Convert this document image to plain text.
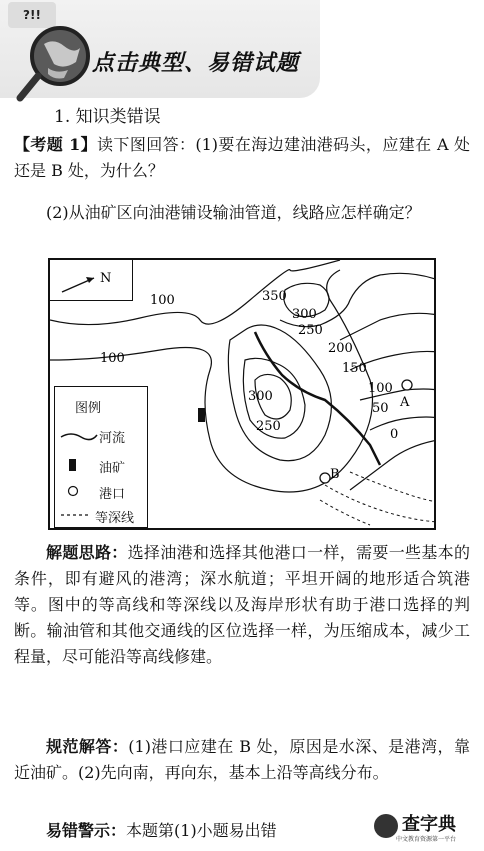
?!!
点击典型、易错试题
1. 知识类错误
【考题 1】读下图回答：(1)要在海边建油港码头，应建在 A 处还是 B 处，为什么？
(2)从油矿区向油港铺设输油管道，线路应怎样确定？
N
100	350
300
250
200
150
100
300
250
50
0
100
A
B
图例
河流
油矿
港口
等深线
解题思路：选择油港和选择其他港口一样，需要一些基本的条件，即有避风的港湾；深水航道；平坦开阔的地形适合筑港等。图中的等高线和等深线以及海岸形状有助于港口选择的判断。输油管和其他交通线的区位选择一样，为压缩成本，减少工程量，尽可能沿等高线修建。
规范解答：(1)港口应建在 B 处，原因是水深、是港湾，靠近油矿。(2)先向南，再向东，基本上沿等高线分布。
易错警示：本题第(1)小题易出错	查字典
中文教育资源第一平台
